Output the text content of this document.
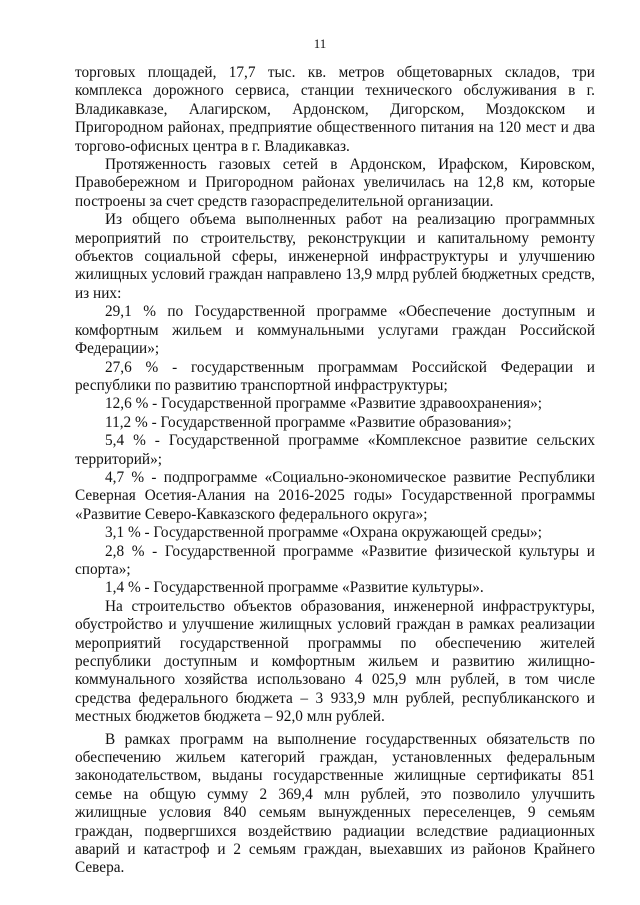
11

торговых площадей, 17,7 тыс. кв. метров общетоварных складов, три комплекса дорожного сервиса, станции технического обслуживания в г. Владикавказе, Алагирском, Ардонском, Дигорском, Моздокском и Пригородном районах, предприятие общественного питания на 120 мест и два торгово-офисных центра в г. Владикавказ.

Протяженность газовых сетей в Ардонском, Ирафском, Кировском, Правобережном и Пригородном районах увеличилась на 12,8 км, которые построены за счет средств газораспределительной организации.

Из общего объема выполненных работ на реализацию программных мероприятий по строительству, реконструкции и капитальному ремонту объектов социальной сферы, инженерной инфраструктуры и улучшению жилищных условий граждан направлено 13,9 млрд рублей бюджетных средств, из них:

29,1 % по Государственной программе «Обеспечение доступным и комфортным жильем и коммунальными услугами граждан Российской Федерации»;

27,6 % - государственным программам Российской Федерации и республики по развитию транспортной инфраструктуры;

12,6 % - Государственной программе «Развитие здравоохранения»;

11,2 % - Государственной программе «Развитие образования»;

5,4 % - Государственной программе «Комплексное развитие сельских территорий»;

4,7 % - подпрограмме «Социально-экономическое развитие Республики Северная Осетия-Алания на 2016-2025 годы» Государственной программы «Развитие Северо-Кавказского федерального округа»;

3,1 % - Государственной программе «Охрана окружающей среды»;

2,8 % - Государственной программе «Развитие физической культуры и спорта»;

1,4 % - Государственной программе «Развитие культуры».

На строительство объектов образования, инженерной инфраструктуры, обустройство и улучшение жилищных условий граждан в рамках реализации мероприятий государственной программы по обеспечению жителей республики доступным и комфортным жильем и развитию жилищно-коммунального хозяйства использовано 4 025,9 млн рублей, в том числе средства федерального бюджета – 3 933,9 млн рублей, республиканского и местных бюджетов бюджета – 92,0 млн рублей.

В рамках программ на выполнение государственных обязательств по обеспечению жильем категорий граждан, установленных федеральным законодательством, выданы государственные жилищные сертификаты 851 семье на общую сумму 2 369,4 млн рублей, это позволило улучшить жилищные условия 840 семьям вынужденных переселенцев, 9 семьям граждан, подвергшихся воздействию радиации вследствие радиационных аварий и катастроф и 2 семьям граждан, выехавших из районов Крайнего Севера.
